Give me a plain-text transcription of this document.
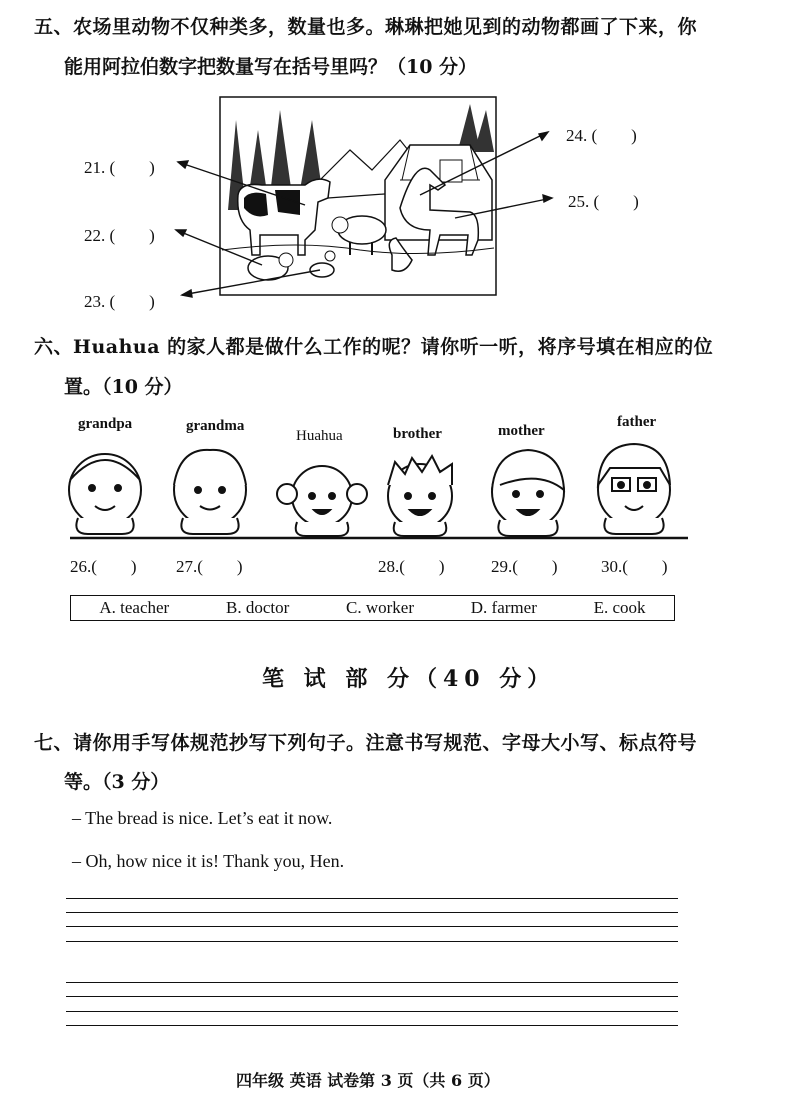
五、农场里动物不仅种类多，数量也多。琳琳把她见到的动物都画了下来，你
能用阿拉伯数字把数量写在括号里吗？（10 分）
21. (　　)
22. (　　)
23. (　　)
24. (　　)
25. (　　)
六、Huahua 的家人都是做什么工作的呢？请你听一听，将序号填在相应的位
置。（10 分）
grandpa	grandma
Huahua	brother	mother
father
26.(　　) 27.(　　)	28.(　　)	29.(　　)	30.(　　)
A. teacher	B. doctor	C. worker	D. farmer	E. cook
笔 试 部 分（40 分）
七、请你用手写体规范抄写下列句子。注意书写规范、字母大小写、标点符号
等。（3 分）
– The bread is nice. Let’s eat it now.
– Oh, how nice it is! Thank you, Hen.
四年级 英语 试卷第 3 页（共 6 页）
